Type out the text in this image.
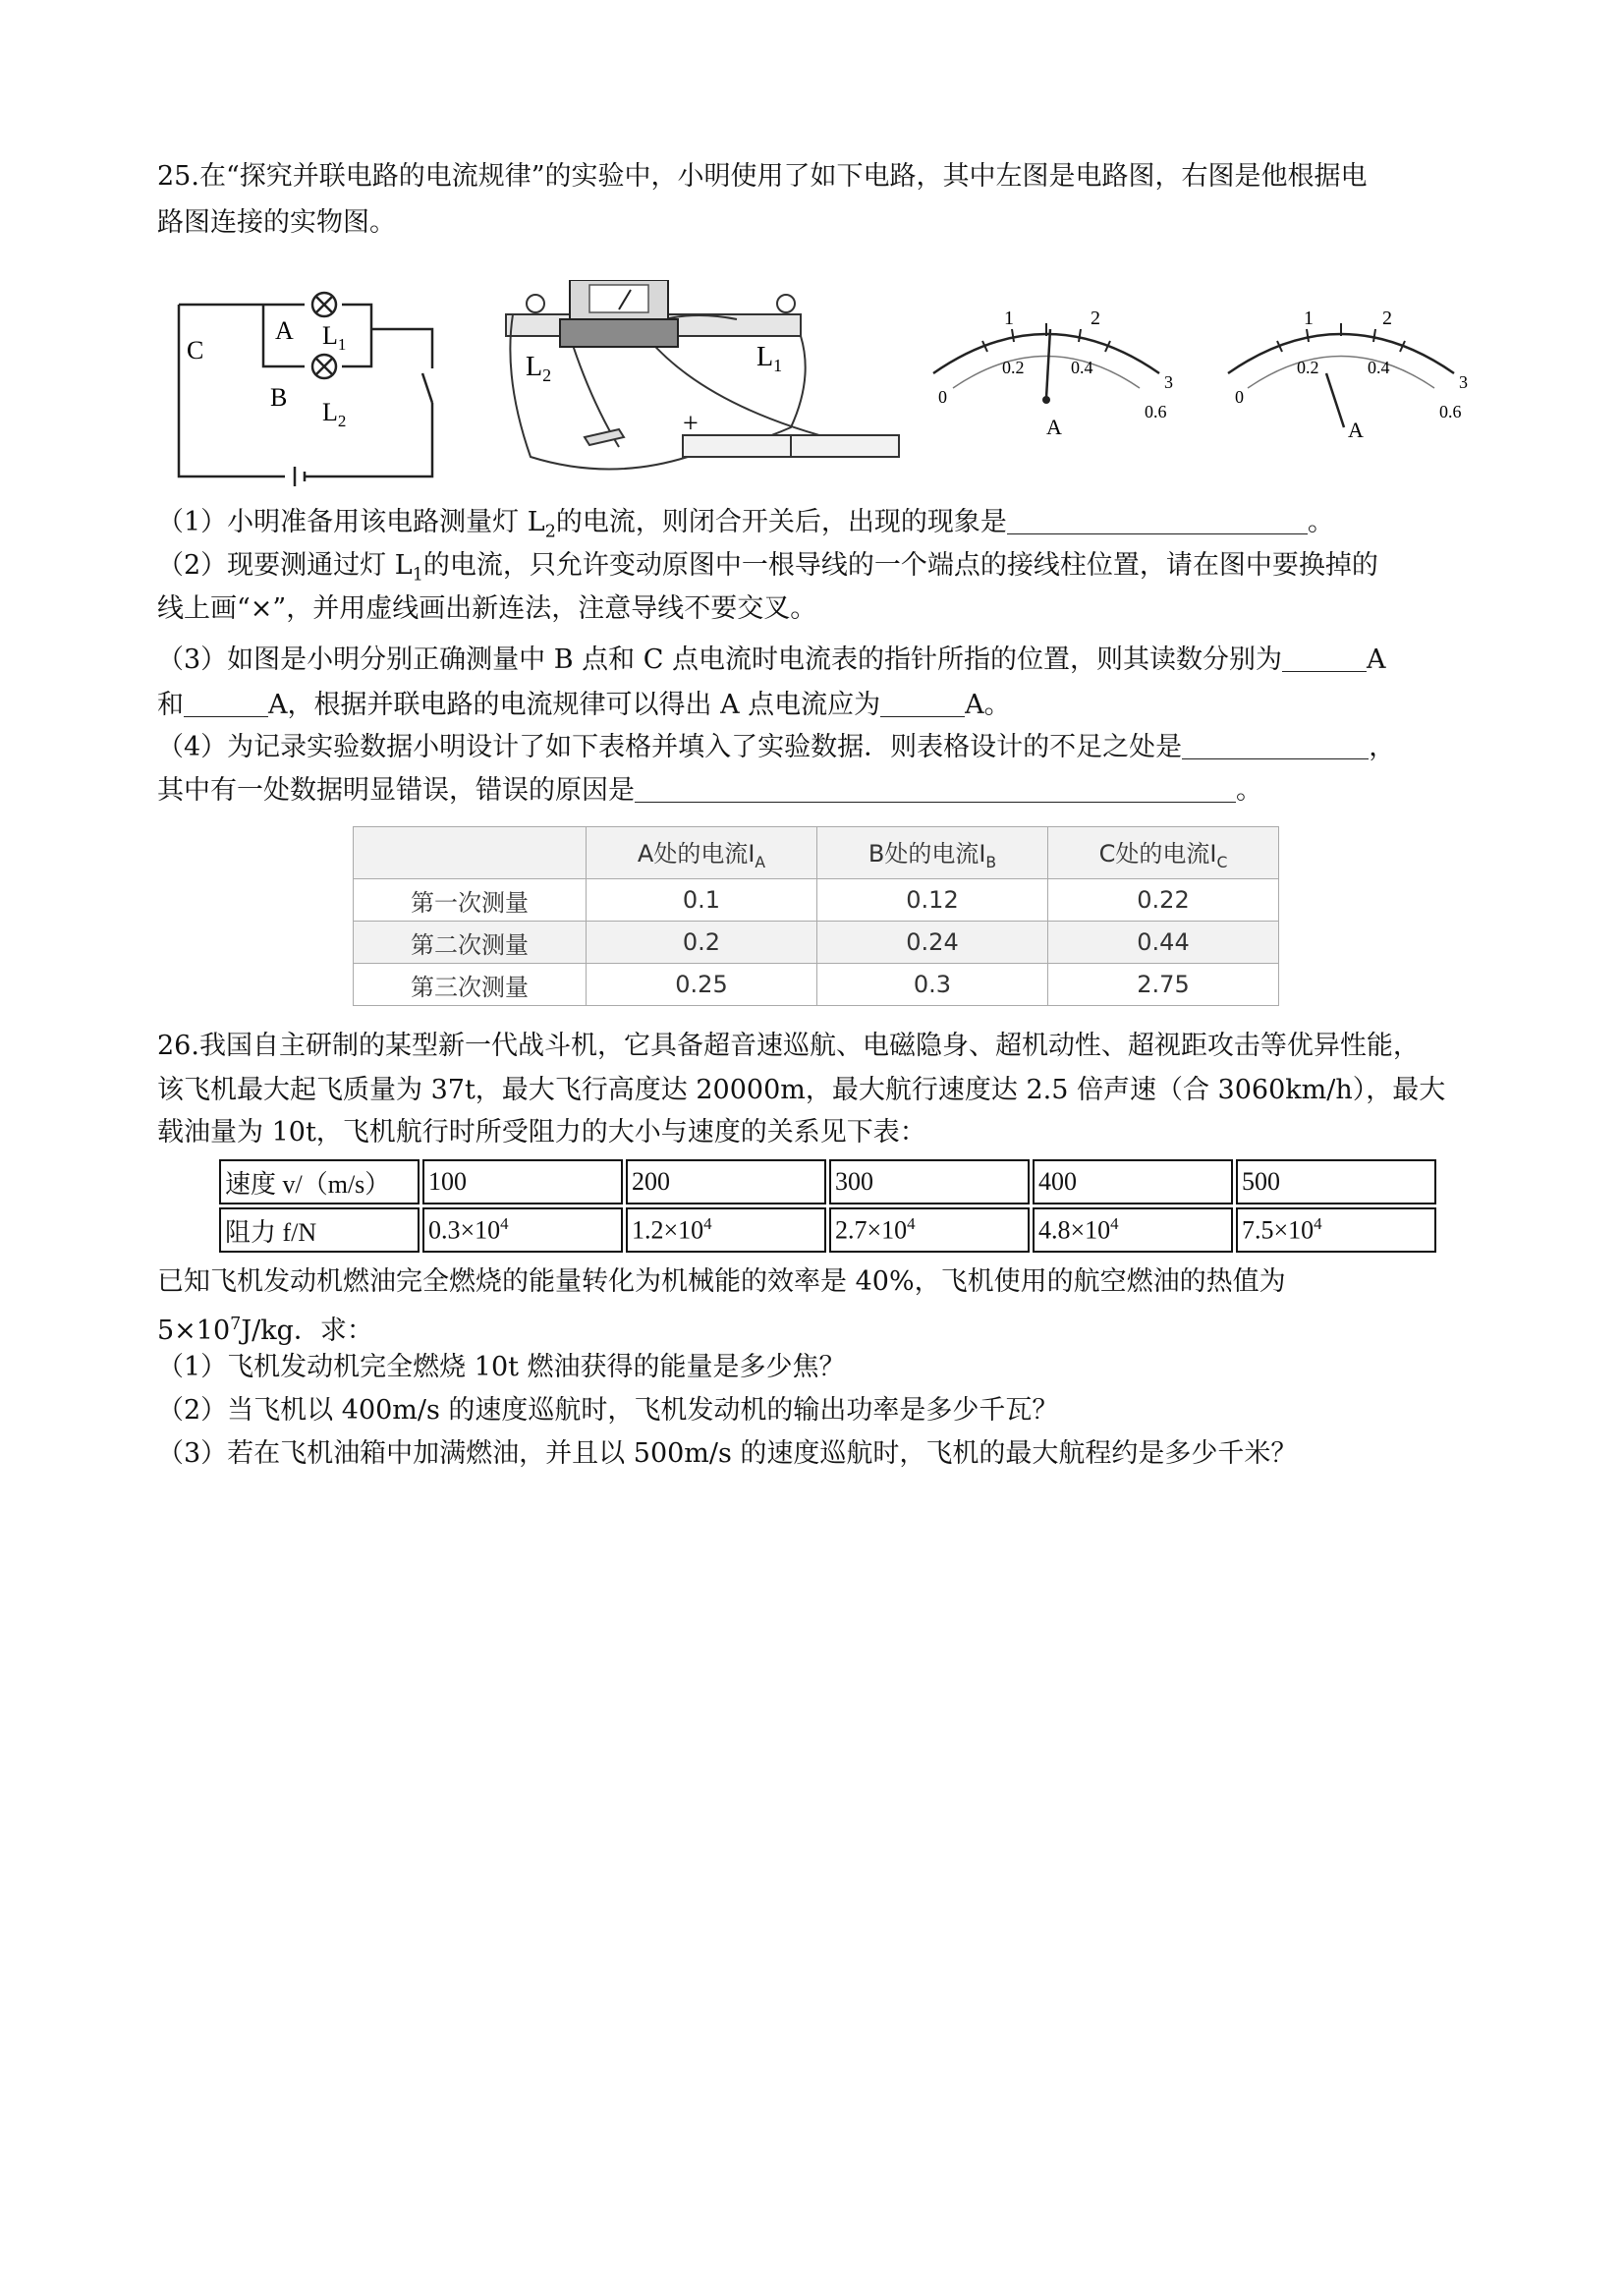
25.在“探究并联电路的电流规律”的实验中，小明使用了如下电路，其中左图是电路图，右图是他根据电
路图连接的实物图。
C
A
B
$L_1$
$L_2$
$L_2$
$L_1$
+
1	2
0.2	0.4
0
3
0.6
A
1	2
0.2	0.4
0
3
0.6
A
（1）小明准备用该电路测量灯 $L_2$的电流，则闭合开关后，出现的现象是	。
（2）现要测通过灯 $L_1$的电流，只允许变动原图中一根导线的一个端点的接线柱位置，请在图中要换掉的
线上画“×”，并用虚线画出新连法，注意导线不要交叉。
（3）如图是小明分别正确测量中 B 点和 C 点电流时电流表的指针所指的位置，则其读数分别为	A
和	A，根据并联电路的电流规律可以得出 A 点电流应为	A。
（4）为记录实验数据小明设计了如下表格并填入了实验数据．则表格设计的不足之处是	，
其中有一处数据明显错误，错误的原因是	。
	A处的电流$I_A$	B处的电流$I_B$	C处的电流$I_C$
第一次测量	0.1	0.12	0.22
第二次测量	0.2	0.24	0.44
第三次测量	0.25	0.3	2.75
26.我国自主研制的某型新一代战斗机，它具备超音速巡航、电磁隐身、超机动性、超视距攻击等优异性能，
该飞机最大起飞质量为 37t，最大飞行高度达 20000m，最大航行速度达 2.5 倍声速（合 3060km/h），最大
载油量为 10t，飞机航行时所受阻力的大小与速度的关系见下表：
速度 v/（m/s）	100	200	300	400	500
阻力 f/N	$0.3\times 10^4$	$1.2\times 10^4$	$2.7\times 10^4$	$4.8\times 10^4$	$7.5\times 10^4$
已知飞机发动机燃油完全燃烧的能量转化为机械能的效率是 40%，飞机使用的航空燃油的热值为
$5\times 10^7J/kg$．求：
（1）飞机发动机完全燃烧 10t 燃油获得的能量是多少焦？
（2）当飞机以 400m/s 的速度巡航时，飞机发动机的输出功率是多少千瓦？
（3）若在飞机油箱中加满燃油，并且以 500m/s 的速度巡航时，飞机的最大航程约是多少千米？
